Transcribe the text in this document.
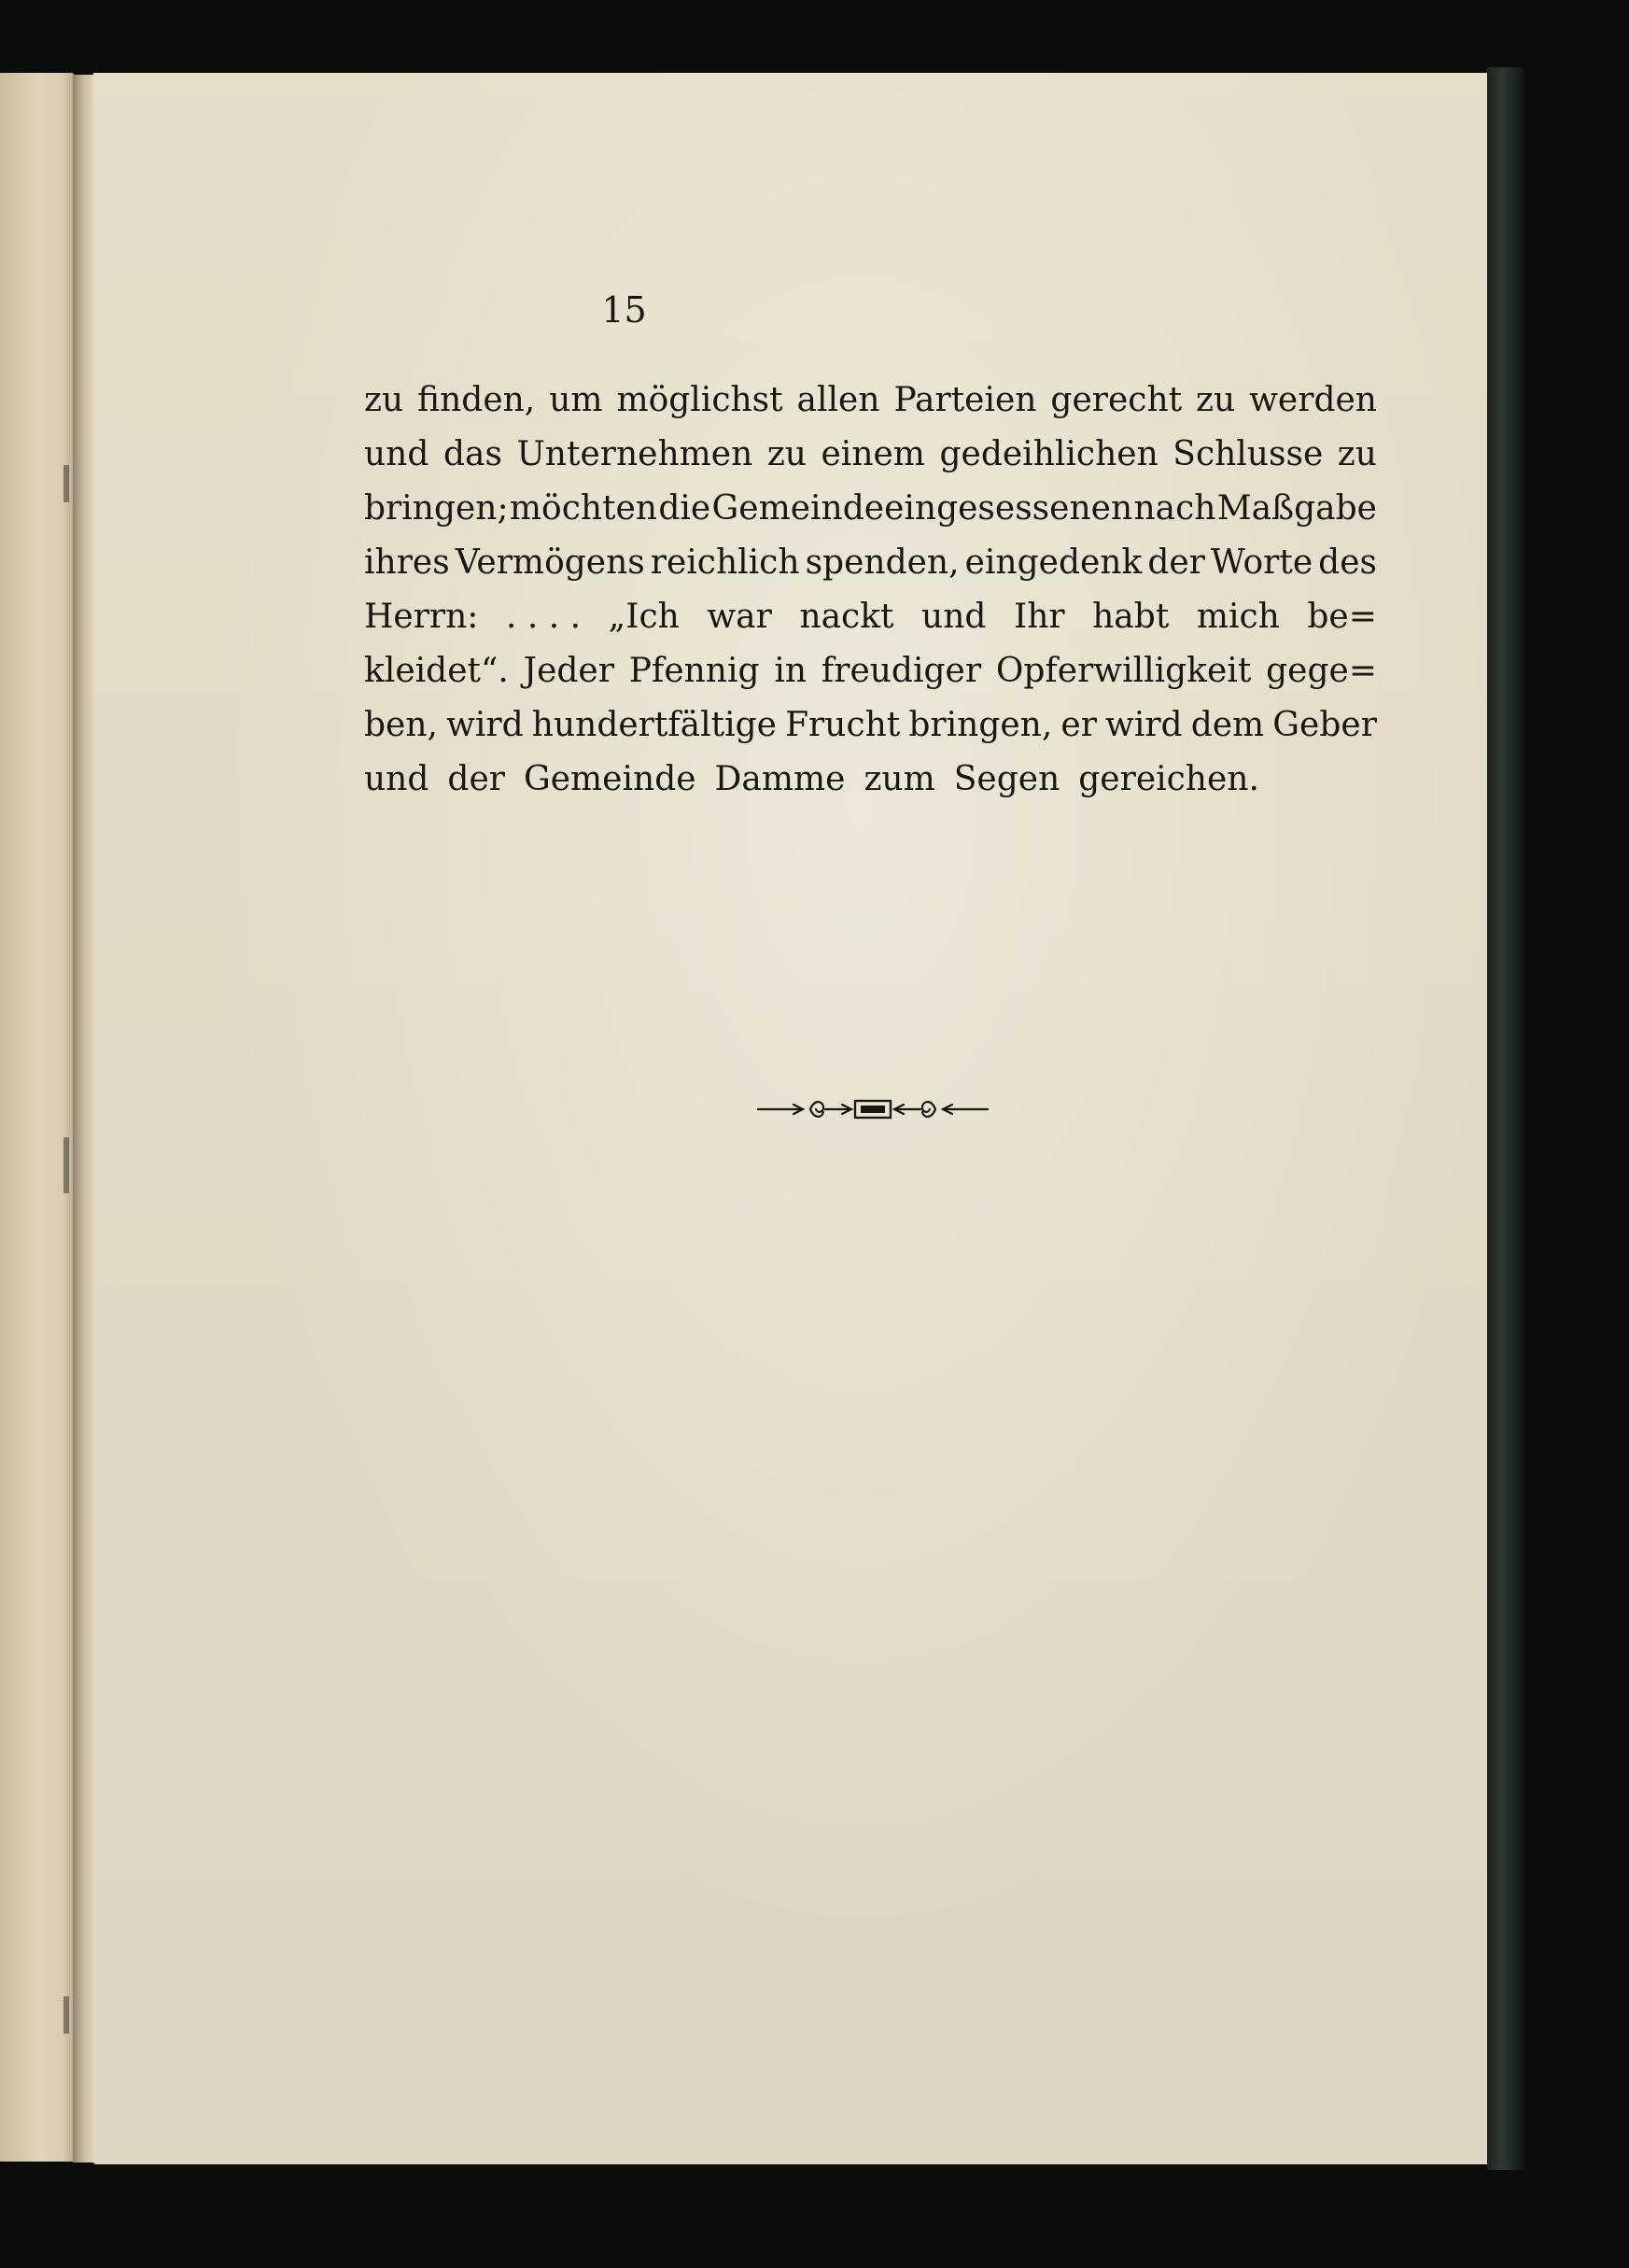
15
zu finden, um möglichst allen Parteien gerecht zu werden
und das Unternehmen zu einem gedeihlichen Schlusse zu
bringen; möchten die Gemeindeeingesessenen nach Maßgabe
ihres Vermögens reichlich spenden, eingedenk der Worte des
Herrn: . . . . „Ich war nackt und Ihr habt mich be=
kleidet“. Jeder Pfennig in freudiger Opferwilligkeit gege=
ben, wird hundertfältige Frucht bringen, er wird dem Geber
und der Gemeinde Damme zum Segen gereichen.
